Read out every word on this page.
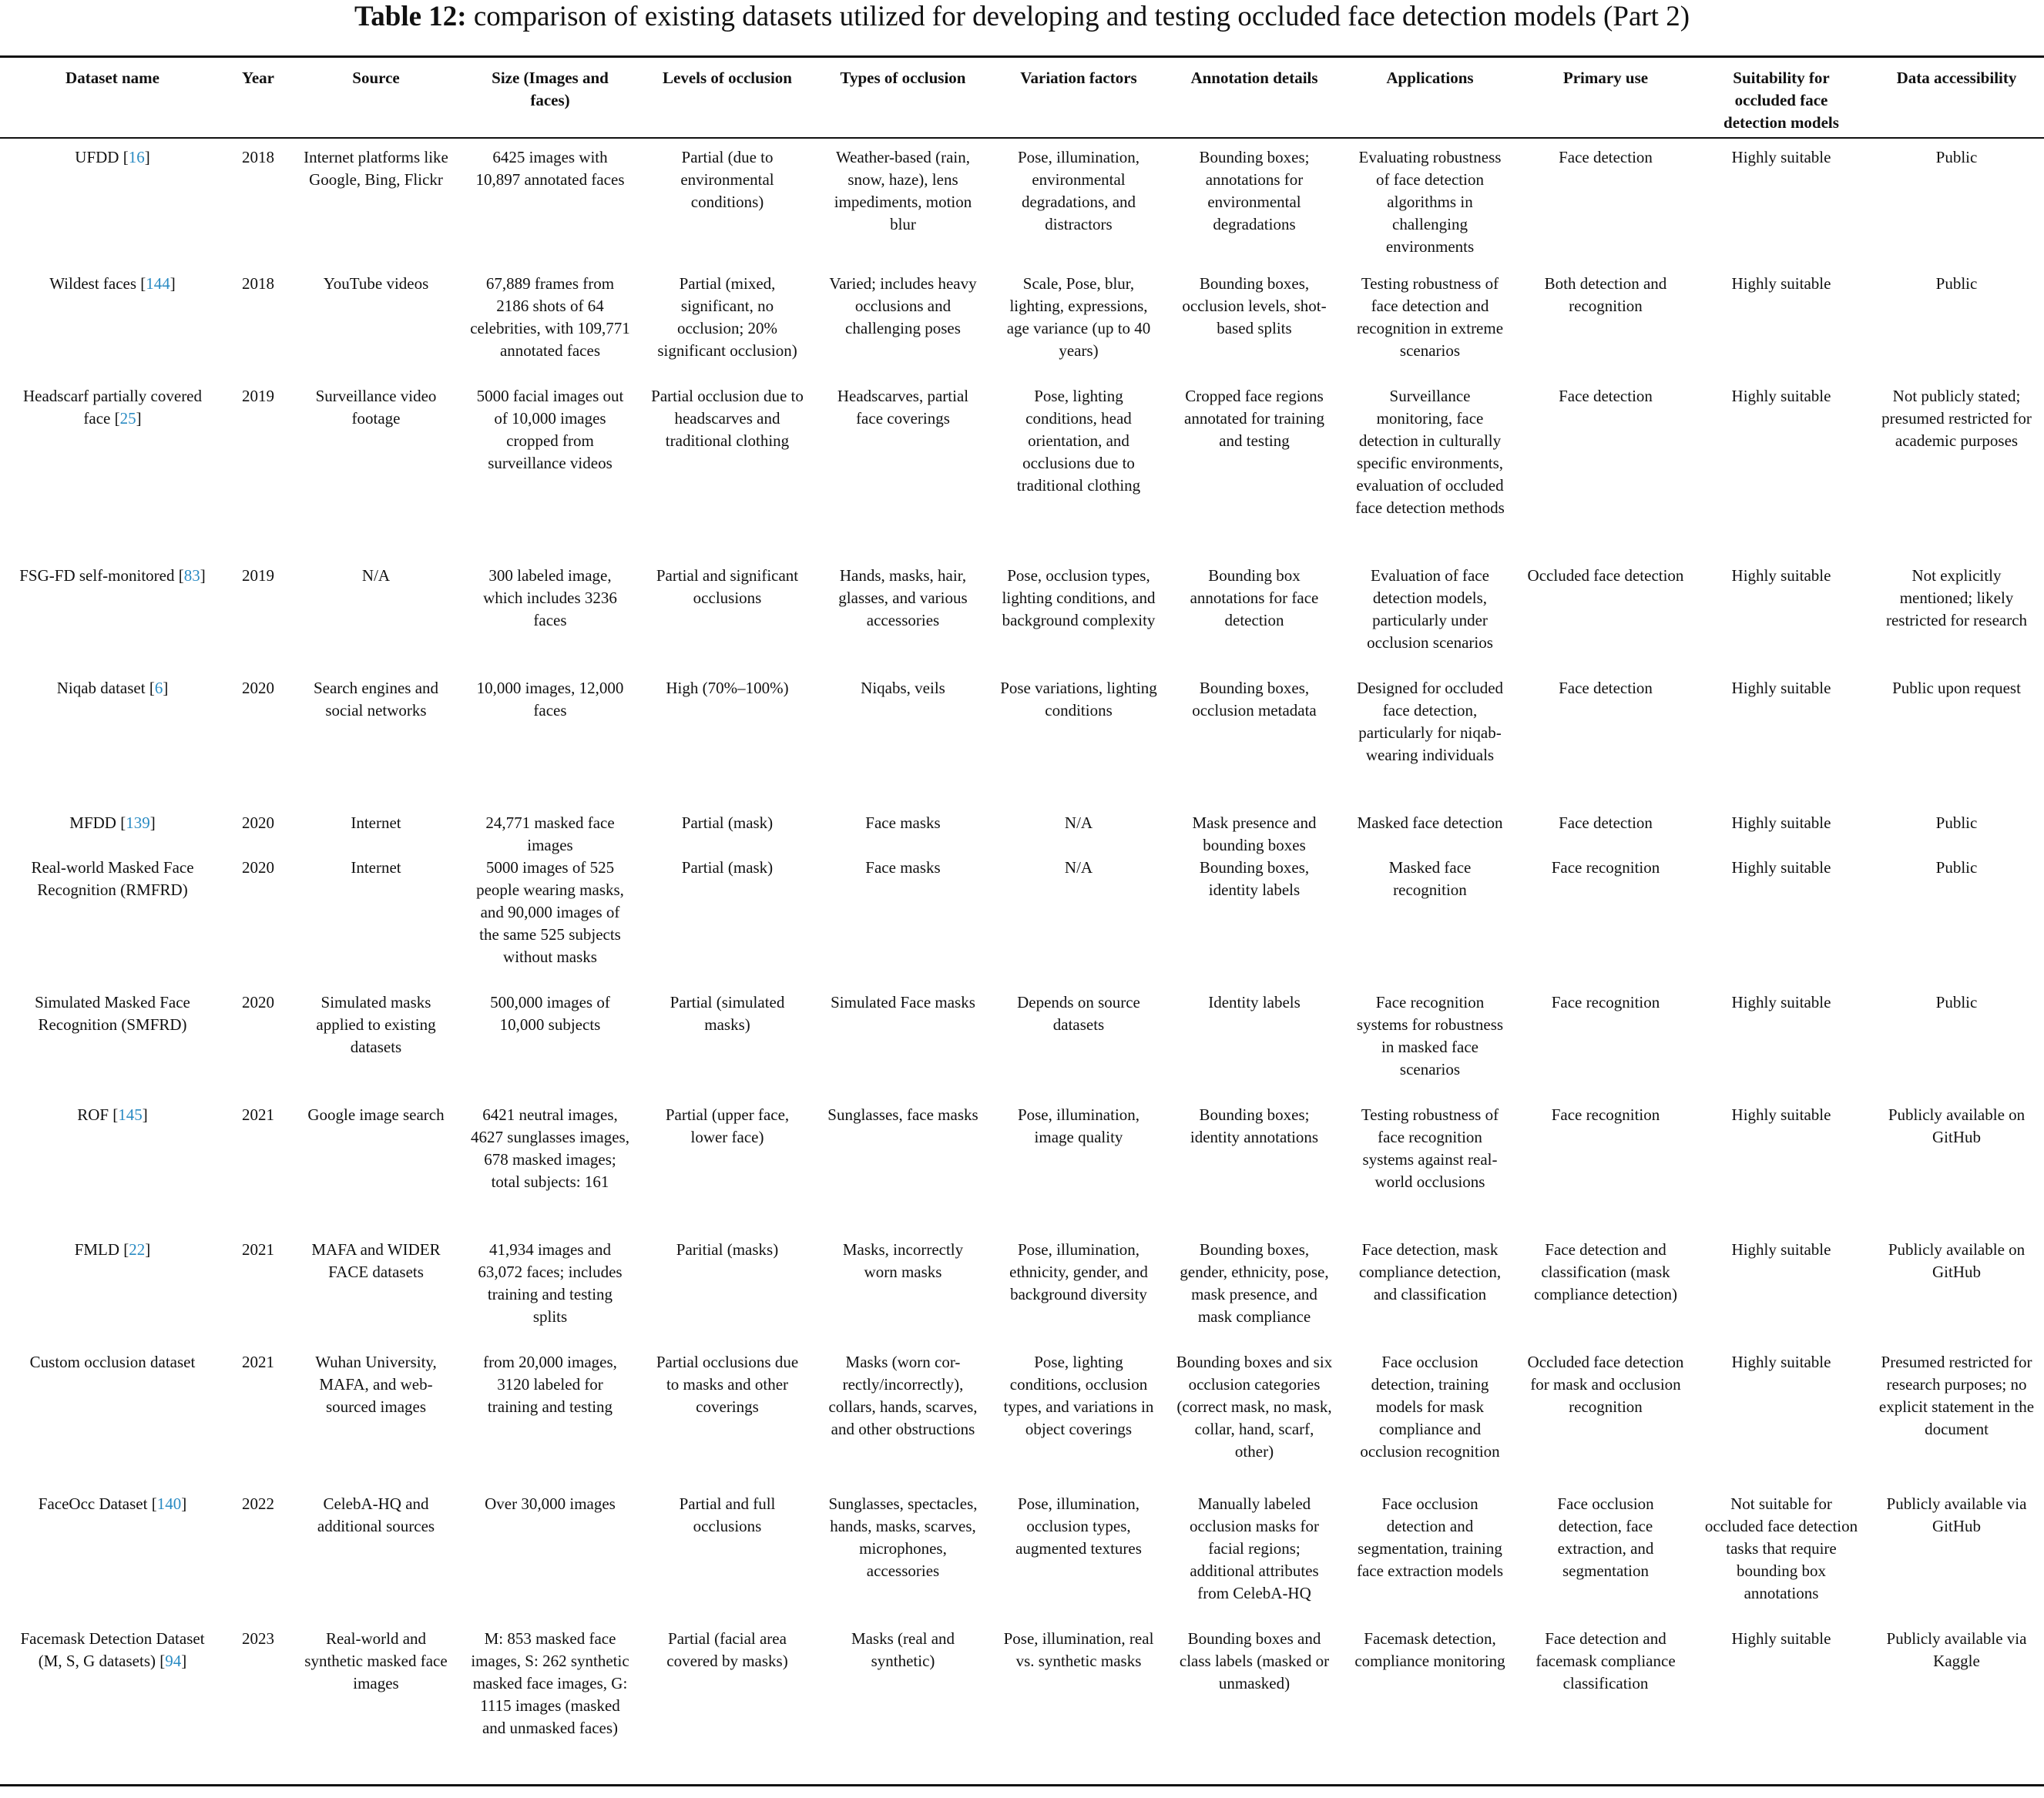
Table 12: comparison of existing datasets utilized for developing and testing occluded face detection models (Part 2)
Dataset name	Year	Source	Size (Images and faces)	Levels of occlusion	Types of occlusion	Variation factors	Annotation details	Applications	Primary use	Suitability for occluded face detection models	Data accessibility
UFDD [16]	2018	Internet platforms like Google, Bing, Flickr	6425 images with 10,897 annotated faces	Partial (due to environmental conditions)	Weather-based (rain, snow, haze), lens impediments, motion blur	Pose, illumination, environmental degradations, and distractors	Bounding boxes; annotations for environmental degradations	Evaluating robustness of face detection algorithms in challenging environments	Face detection	Highly suitable	Public
Wildest faces [144]	2018	YouTube videos	67,889 frames from 2186 shots of 64 celebrities, with 109,771 annotated faces	Partial (mixed, significant, no occlusion; 20% significant occlusion)	Varied; includes heavy occlusions and challenging poses	Scale, Pose, blur, lighting, expressions, age variance (up to 40 years)	Bounding boxes, occlusion levels, shot-based splits	Testing robustness of face detection and recognition in extreme scenarios	Both detection and recognition	Highly suitable	Public
Headscarf partially covered face [25]	2019	Surveillance video footage	5000 facial images out of 10,000 images cropped from surveillance videos	Partial occlusion due to headscarves and traditional clothing	Headscarves, partial face coverings	Pose, lighting conditions, head orientation, and occlusions due to traditional clothing	Cropped face regions annotated for training and testing	Surveillance monitoring, face detection in culturally specific environments, evaluation of occluded face detection methods	Face detection	Highly suitable	Not publicly stated; presumed restricted for academic purposes
FSG-FD self-monitored [83]	2019	N/A	300 labeled image, which includes 3236 faces	Partial and significant occlusions	Hands, masks, hair, glasses, and various accessories	Pose, occlusion types, lighting conditions, and background complexity	Bounding box annotations for face detection	Evaluation of face detection models, particularly under occlusion scenarios	Occluded face detection	Highly suitable	Not explicitly mentioned; likely restricted for research
Niqab dataset [6]	2020	Search engines and social networks	10,000 images, 12,000 faces	High (70%–100%)	Niqabs, veils	Pose variations, lighting conditions	Bounding boxes, occlusion metadata	Designed for occluded face detection, particularly for niqab-wearing individuals	Face detection	Highly suitable	Public upon request
MFDD [139]	2020	Internet	24,771 masked face images	Partial (mask)	Face masks	N/A	Mask presence and bounding boxes	Masked face detection	Face detection	Highly suitable	Public
Real-world Masked Face Recognition (RMFRD)	2020	Internet	5000 images of 525 people wearing masks, and 90,000 images of the same 525 subjects without masks	Partial (mask)	Face masks	N/A	Bounding boxes, identity labels	Masked face recognition	Face recognition	Highly suitable	Public
Simulated Masked Face Recognition (SMFRD)	2020	Simulated masks applied to existing datasets	500,000 images of 10,000 subjects	Partial (simulated masks)	Simulated Face masks	Depends on source datasets	Identity labels	Face recognition systems for robustness in masked face scenarios	Face recognition	Highly suitable	Public
ROF [145]	2021	Google image search	6421 neutral images, 4627 sunglasses images, 678 masked images; total subjects: 161	Partial (upper face, lower face)	Sunglasses, face masks	Pose, illumination, image quality	Bounding boxes; identity annotations	Testing robustness of face recognition systems against real-world occlusions	Face recognition	Highly suitable	Publicly available on GitHub
FMLD [22]	2021	MAFA and WIDER FACE datasets	41,934 images and 63,072 faces; includes training and testing splits	Paritial (masks)	Masks, incorrectly worn masks	Pose, illumination, ethnicity, gender, and background diversity	Bounding boxes, gender, ethnicity, pose, mask presence, and mask compliance	Face detection, mask compliance detection, and classification	Face detection and classification (mask compliance detection)	Highly suitable	Publicly available on GitHub
Custom occlusion dataset	2021	Wuhan University, MAFA, and web-sourced images	from 20,000 images, 3120 labeled for training and testing	Partial occlusions due to masks and other coverings	Masks (worn cor-rectly/incorrectly), collars, hands, scarves, and other obstructions	Pose, lighting conditions, occlusion types, and variations in object coverings	Bounding boxes and six occlusion categories (correct mask, no mask, collar, hand, scarf, other)	Face occlusion detection, training models for mask compliance and occlusion recognition	Occluded face detection for mask and occlusion recognition	Highly suitable	Presumed restricted for research purposes; no explicit statement in the document
FaceOcc Dataset [140]	2022	CelebA-HQ and additional sources	Over 30,000 images	Partial and full occlusions	Sunglasses, spectacles, hands, masks, scarves, microphones, accessories	Pose, illumination, occlusion types, augmented textures	Manually labeled occlusion masks for facial regions; additional attributes from CelebA-HQ	Face occlusion detection and segmentation, training face extraction models	Face occlusion detection, face extraction, and segmentation	Not suitable for occluded face detection tasks that require bounding box annotations	Publicly available via GitHub
Facemask Detection Dataset (M, S, G datasets) [94]	2023	Real-world and synthetic masked face images	M: 853 masked face images, S: 262 synthetic masked face images, G: 1115 images (masked and unmasked faces)	Partial (facial area covered by masks)	Masks (real and synthetic)	Pose, illumination, real vs. synthetic masks	Bounding boxes and class labels (masked or unmasked)	Facemask detection, compliance monitoring	Face detection and facemask compliance classification	Highly suitable	Publicly available via Kaggle
